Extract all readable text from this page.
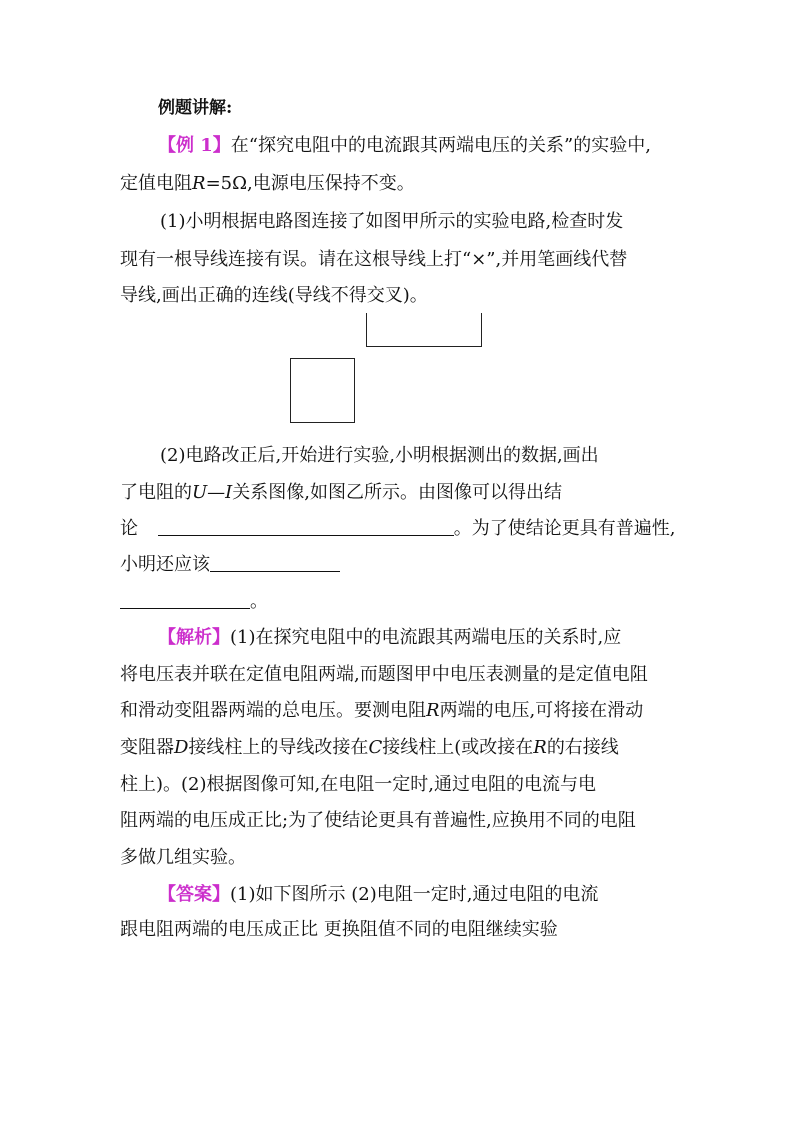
例题讲解:
【例 1】在“探究电阻中的电流跟其两端电压的关系”的实验中,
定值电阻R=5Ω,电源电压保持不变。
(1)小明根据电路图连接了如图甲所示的实验电路,检查时发
现有一根导线连接有误。请在这根导线上打“×”,并用笔画线代替
导线,画出正确的连线(导线不得交叉)。
(2)电路改正后,开始进行实验,小明根据测出的数据,画出
了电阻的U—I关系图像,如图乙所示。由图像可以得出结
论	。为了使结论更具有普遍性,
小明还应该
。
【解析】(1)在探究电阻中的电流跟其两端电压的关系时,应
将电压表并联在定值电阻两端,而题图甲中电压表测量的是定值电阻
和滑动变阻器两端的总电压。要测电阻R两端的电压,可将接在滑动
变阻器D接线柱上的导线改接在C接线柱上(或改接在R的右接线
柱上)。(2)根据图像可知,在电阻一定时,通过电阻的电流与电
阻两端的电压成正比;为了使结论更具有普遍性,应换用不同的电阻
多做几组实验。
【答案】(1)如下图所示 (2)电阻一定时,通过电阻的电流
跟电阻两端的电压成正比 更换阻值不同的电阻继续实验
